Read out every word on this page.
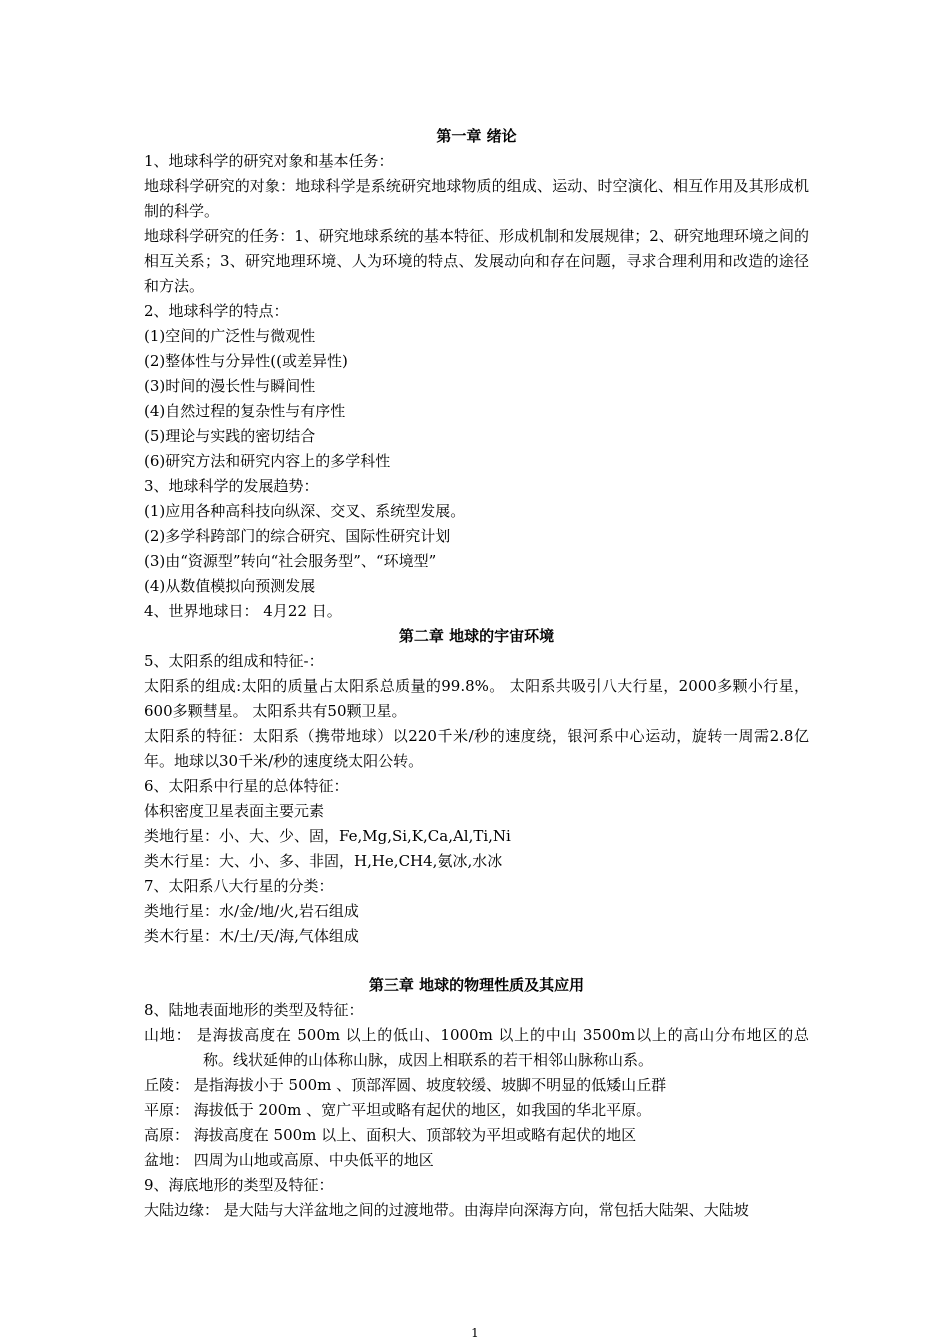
第一章 绪论
1、地球科学的研究对象和基本任务：
地球科学研究的对象：地球科学是系统研究地球物质的组成、运动、时空演化、相互作用及其形成机制的科学。
地球科学研究的任务：1、研究地球系统的基本特征、形成机制和发展规律；2、研究地理环境之间的相互关系；3、研究地理环境、人为环境的特点、发展动向和存在问题，寻求合理利用和改造的途径和方法。
2、地球科学的特点：
(1)空间的广泛性与微观性
(2)整体性与分异性((或差异性)
(3)时间的漫长性与瞬间性
(4)自然过程的复杂性与有序性
(5)理论与实践的密切结合
(6)研究方法和研究内容上的多学科性
3、地球科学的发展趋势：
(1)应用各种高科技向纵深、交叉、系统型发展。
(2)多学科跨部门的综合研究、国际性研究计划
(3)由“资源型”转向“社会服务型”、“环境型”
(4)从数值模拟向预测发展
4、世界地球日： 4月22 日。
第二章 地球的宇宙环境
5、太阳系的组成和特征-：
太阳系的组成:太阳的质量占太阳系总质量的99.8%。 太阳系共吸引八大行星，2000多颗小行星，600多颗彗星。 太阳系共有50颗卫星。
太阳系的特征：太阳系（携带地球）以220千米/秒的速度绕，银河系中心运动，旋转一周需2.8亿年。地球以30千米/秒的速度绕太阳公转。
6、太阳系中行星的总体特征：
体积密度卫星表面主要元素
类地行星：小、大、少、固，Fe,Mg,Si,K,Ca,Al,Ti,Ni
类木行星：大、小、多、非固，H,He,CH4,氨冰,水冰
7、太阳系八大行星的分类：
类地行星：水/金/地/火,岩石组成
类木行星：木/土/天/海,气体组成
第三章 地球的物理性质及其应用
8、陆地表面地形的类型及特征：
山地： 是海拔高度在 500m 以上的低山、1000m 以上的中山 3500m以上的高山分布地区的总称。线状延伸的山体称山脉，成因上相联系的若干相邻山脉称山系。
丘陵： 是指海拔小于 500m 、顶部浑圆、坡度较缓、坡脚不明显的低矮山丘群
平原： 海拔低于 200m 、宽广平坦或略有起伏的地区，如我国的华北平原。
高原： 海拔高度在 500m 以上、面积大、顶部较为平坦或略有起伏的地区
盆地： 四周为山地或高原、中央低平的地区
9、海底地形的类型及特征：
大陆边缘： 是大陆与大洋盆地之间的过渡地带。由海岸向深海方向，常包括大陆架、大陆坡
1
